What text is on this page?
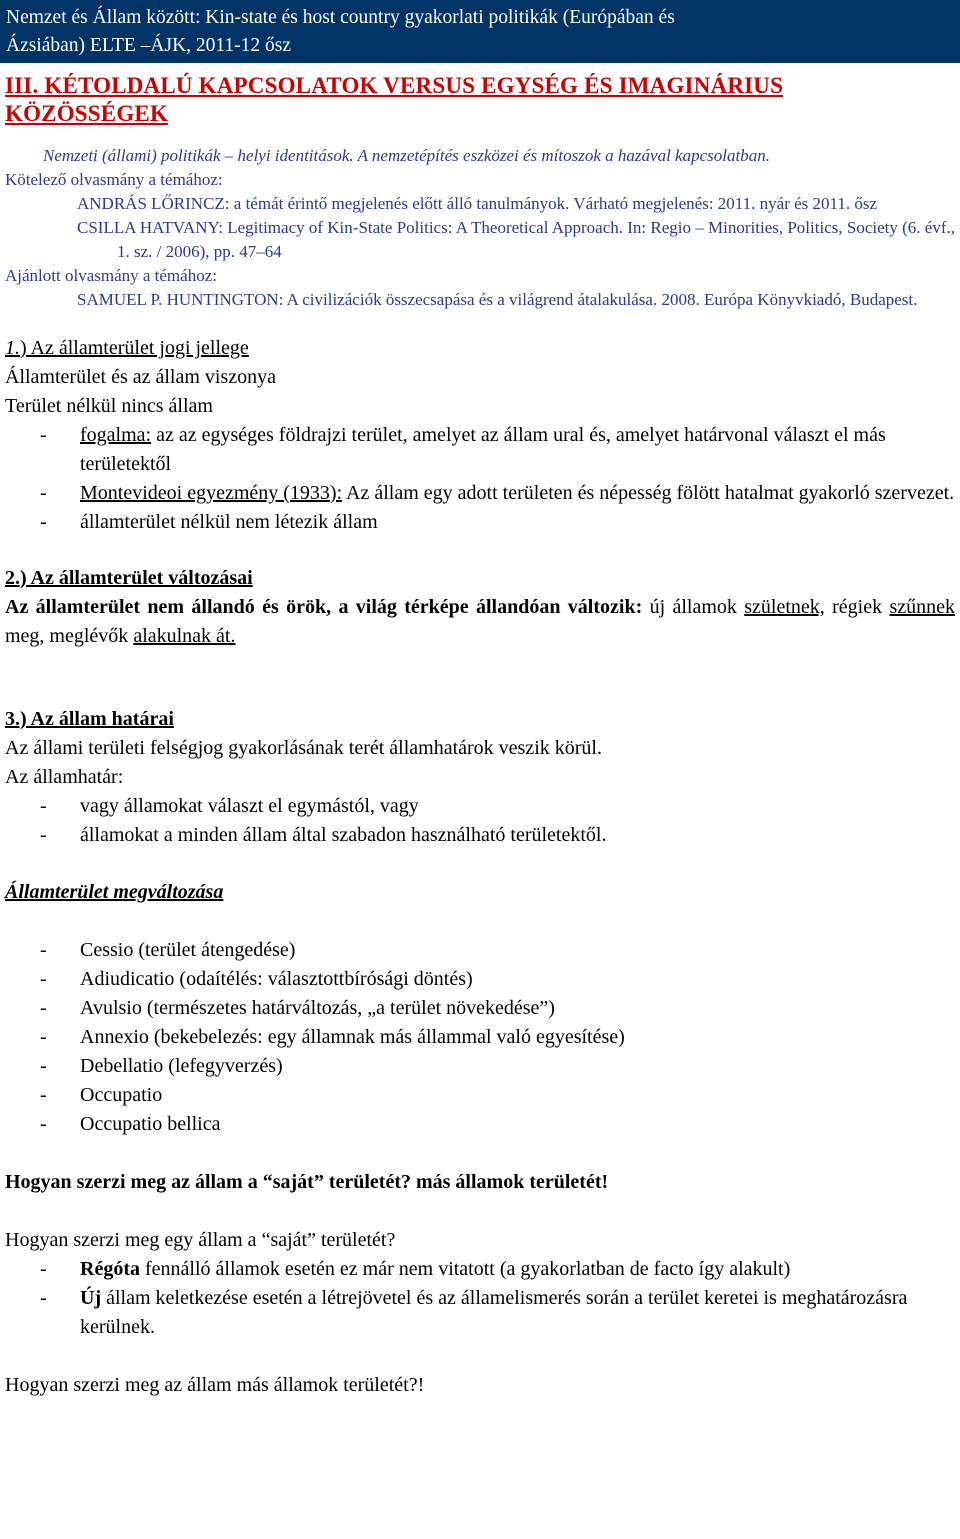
Nemzet és Állam között: Kin-state és host country gyakorlati politikák (Európában és
Ázsiában) ELTE –ÁJK, 2011-12 ősz
III. KÉTOLDALÚ KAPCSOLATOK VERSUS EGYSÉG ÉS IMAGINÁRIUS
KÖZÖSSÉGEK
Nemzeti (állami) politikák – helyi identitások. A nemzetépítés eszközei és mítoszok a hazával kapcsolatban.
Kötelező olvasmány a témához:
ANDRÁS LŐRINCZ: a témát érintő megjelenés előtt álló tanulmányok. Várható megjelenés: 2011. nyár és 2011. ősz
CSILLA HATVANY: Legitimacy of Kin-State Politics: A Theoretical Approach. In: Regio – Minorities, Politics, Society (6. évf., 1. sz. / 2006), pp. 47–64
Ajánlott olvasmány a témához:
SAMUEL P. HUNTINGTON: A civilizációk összecsapása és a világrend átalakulása. 2008. Európa Könyvkiadó, Budapest.
1.) Az államterület jogi jellege
Államterület és az állam viszonya
Terület nélkül nincs állam
-	fogalma: az az egységes földrajzi terület, amelyet az állam ural és, amelyet határvonal választ el más területektől
-	Montevideoi egyezmény (1933): Az állam egy adott területen és népesség fölött hatalmat gyakorló szervezet.
-	államterület nélkül nem létezik állam
2.) Az államterület változásai
Az államterület nem állandó és örök, a világ térképe állandóan változik: új államok születnek, régiek szűnnek meg, meglévők alakulnak át.
3.) Az állam határai
Az állami területi felségjog gyakorlásának terét államhatárok veszik körül.
Az államhatár:
-	vagy államokat választ el egymástól, vagy
-	államokat a minden állam által szabadon használható területektől.
Államterület megváltozása
-	Cessio (terület átengedése)
-	Adiudicatio (odaítélés: választottbírósági döntés)
-	Avulsio (természetes határváltozás, „a terület növekedése”)
-	Annexio (bekebelezés: egy államnak más állammal való egyesítése)
-	Debellatio (lefegyverzés)
-	Occupatio
-	Occupatio bellica
Hogyan szerzi meg az állam a “saját” területét? más államok területét!
Hogyan szerzi meg egy állam a “saját” területét?
-	Régóta fennálló államok esetén ez már nem vitatott (a gyakorlatban de facto így alakult)
-	Új állam keletkezése esetén a létrejövetel és az államelismerés során a terület keretei is meghatározásra kerülnek.
Hogyan szerzi meg az állam más államok területét?!
